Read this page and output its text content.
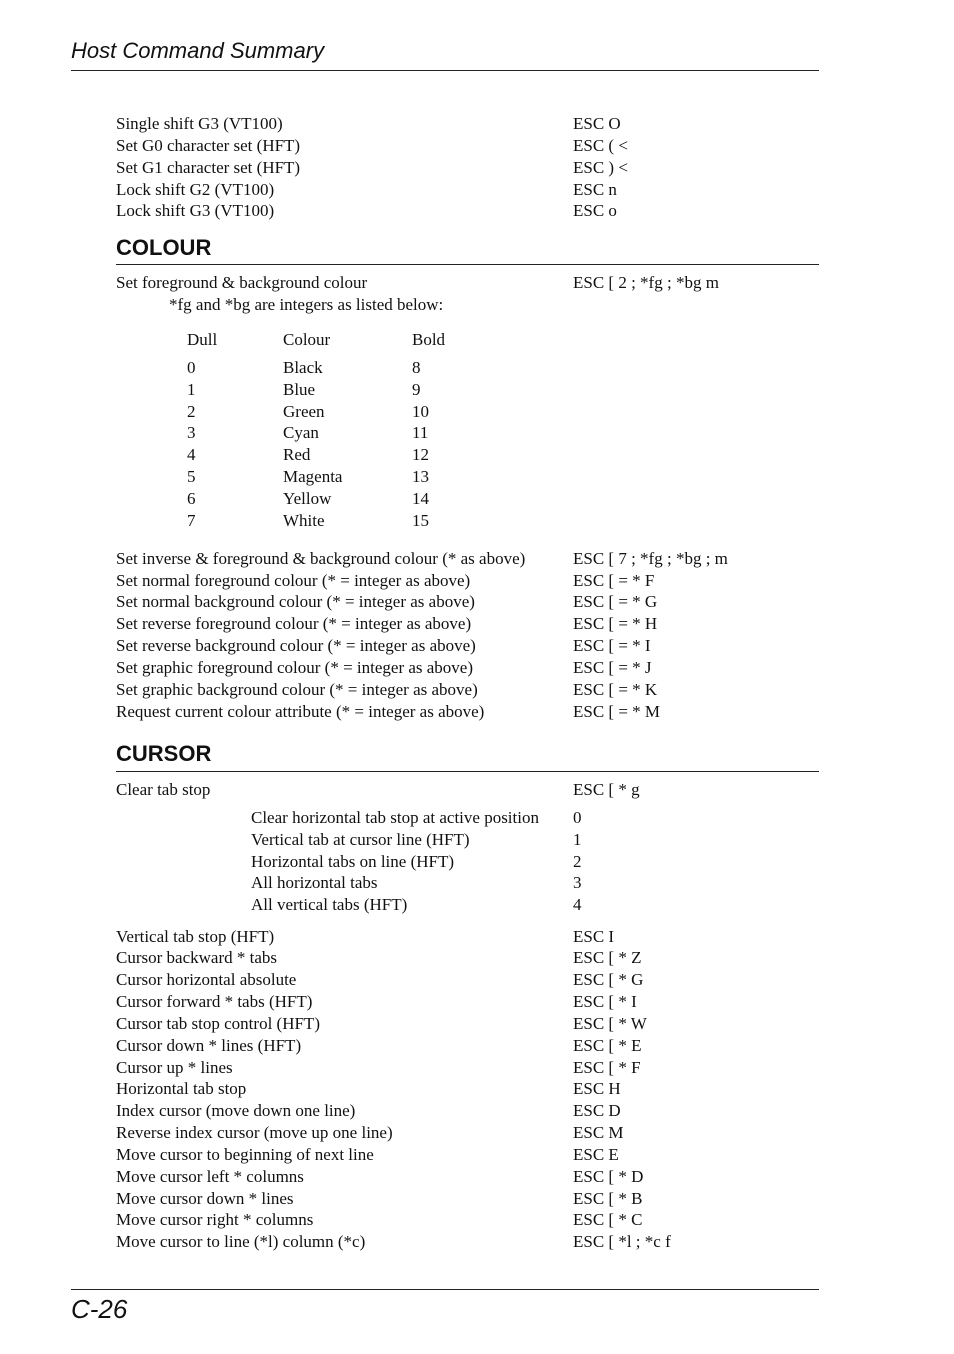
Host Command Summary
Single shift G3 (VT100)	ESC O
Set G0 character set (HFT)	ESC ( <
Set G1 character set (HFT)	ESC ) <
Lock shift G2 (VT100)	ESC n
Lock shift G3 (VT100)	ESC o
COLOUR
Set foreground & background colour	ESC [ 2 ; *fg ; *bg m
*fg and *bg are integers as listed below:
Dull	Colour	Bold
0	Black	8
1	Blue	9
2	Green	10
3	Cyan	11
4	Red	12
5	Magenta	13
6	Yellow	14
7	White	15
Set inverse & foreground & background colour (* as above)	ESC [ 7 ; *fg ; *bg ; m
Set normal foreground colour (* = integer as above)	ESC [ = * F
Set normal background colour (* = integer as above)	ESC [ = * G
Set reverse foreground colour (* = integer as above)	ESC [ = * H
Set reverse background colour (* = integer as above)	ESC [ = * I
Set graphic foreground colour (* = integer as above)	ESC [ = * J
Set graphic background colour (* = integer as above)	ESC [ = * K
Request current colour attribute (* = integer as above)	ESC [ = * M
CURSOR
Clear tab stop	ESC [ * g
Clear horizontal tab stop at active position 0
Vertical tab at cursor line (HFT)	1
Horizontal tabs on line (HFT)	2
All horizontal tabs	3
All vertical tabs (HFT)	4
Vertical tab stop (HFT)	ESC I
Cursor backward * tabs	ESC [ * Z
Cursor horizontal absolute	ESC [ * G
Cursor forward * tabs (HFT)	ESC [ * I
Cursor tab stop control (HFT)	ESC [ * W
Cursor down * lines (HFT)	ESC [ * E
Cursor up * lines	ESC [ * F
Horizontal tab stop	ESC H
Index cursor (move down one line)	ESC D
Reverse index cursor (move up one line)	ESC M
Move cursor to beginning of next line	ESC E
Move cursor left * columns	ESC [ * D
Move cursor down * lines	ESC [ * B
Move cursor right * columns	ESC [ * C
Move cursor to line (*l) column (*c)	ESC [ *l ; *c f
C-26
